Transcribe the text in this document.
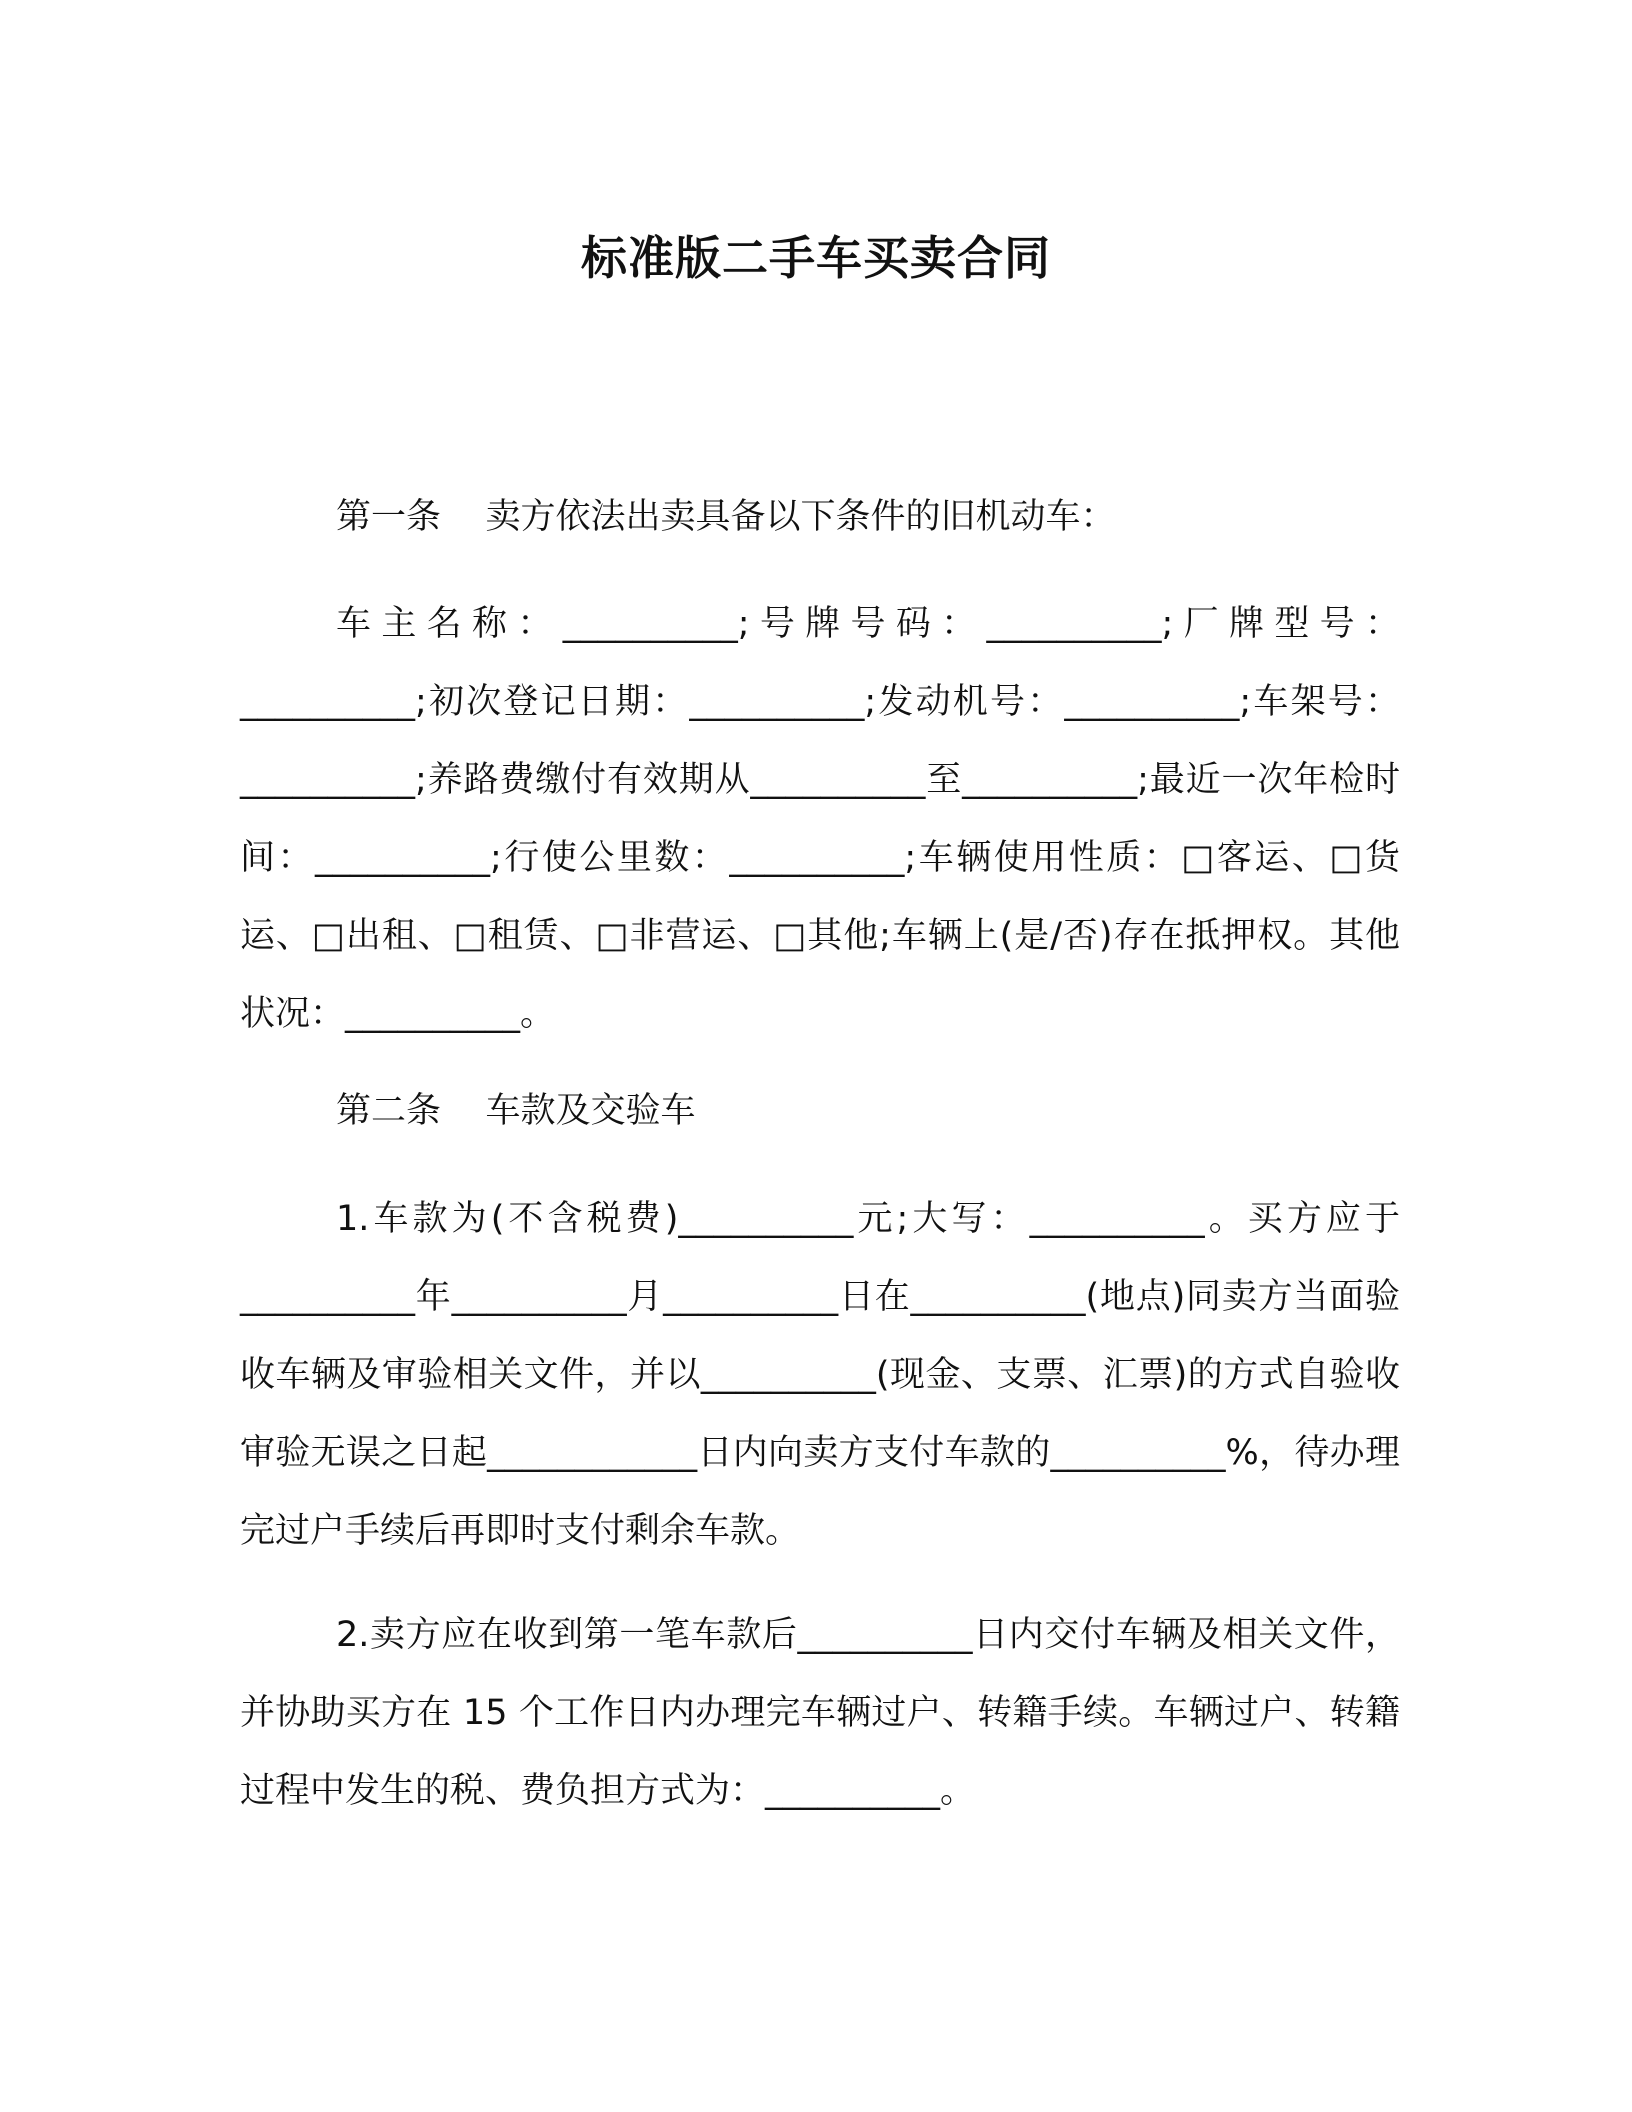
标准版二手车买卖合同

第一条    卖方依法出卖具备以下条件的旧机动车：

车主名称：__________;号牌号码：__________;厂牌型号：__________;初次登记日期：__________;发动机号：__________;车架号：__________;养路费缴付有效期从__________至__________;最近一次年检时间：__________;行使公里数：__________;车辆使用性质：□客运、□货运、□出租、□租赁、□非营运、□其他;车辆上(是/否)存在抵押权。其他状况：__________。

第二条    车款及交验车

1.车款为(不含税费)__________元;大写：__________。买方应于__________年__________月__________日在__________(地点)同卖方当面验收车辆及审验相关文件，并以__________(现金、支票、汇票)的方式自验收审验无误之日起____________日内向卖方支付车款的__________%，待办理完过户手续后再即时支付剩余车款。

2.卖方应在收到第一笔车款后__________日内交付车辆及相关文件，并协助买方在 15 个工作日内办理完车辆过户、转籍手续。车辆过户、转籍过程中发生的税、费负担方式为：__________。
